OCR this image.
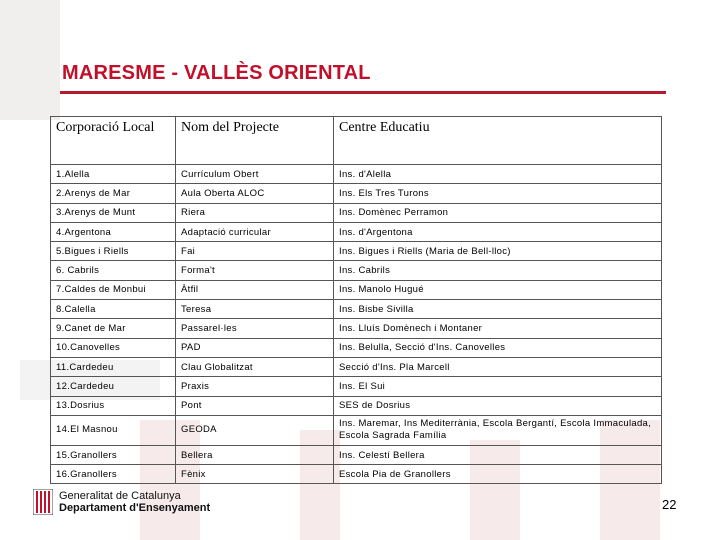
MARESME - VALLÈS ORIENTAL
Corporació Local	Nom del Projecte	Centre Educatiu
1.Alella	Currículum Obert	Ins. d'Alella
2.Arenys de Mar	Aula Oberta ALOC	Ins. Els Tres Turons
3.Arenys de Munt	Riera	Ins. Domènec Perramon
4.Argentona	Adaptació curricular	Ins. d'Argentona
5.Bigues i Riells	Fai	Ins. Bigues i Riells (Maria de Bell-lloc)
6. Cabrils	Forma't	Ins. Cabrils
7.Caldes de Monbui	Àtfil	Ins. Manolo Hugué
8.Calella	Teresa	Ins. Bisbe Sivilla
9.Canet de Mar	Passarel·les	Ins. Lluís Domènech i Montaner
10.Canovelles	PAD	Ins. Belulla, Secció d'Ins. Canovelles
11.Cardedeu	Clau Globalitzat	Secció d'Ins. Pla Marcell
12.Cardedeu	Praxis	Ins. El Sui
13.Dosrius	Pont	SES de Dosrius
14.El Masnou	GEODA	Ins. Maremar, Ins Mediterrània, Escola Bergantí, Escola Immaculada, Escola Sagrada Família
15.Granollers	Bellera	Ins. Celestí Bellera
16.Granollers	Fènix	Escola Pia de Granollers
Generalitat de Catalunya
Departament d'Ensenyament	22
